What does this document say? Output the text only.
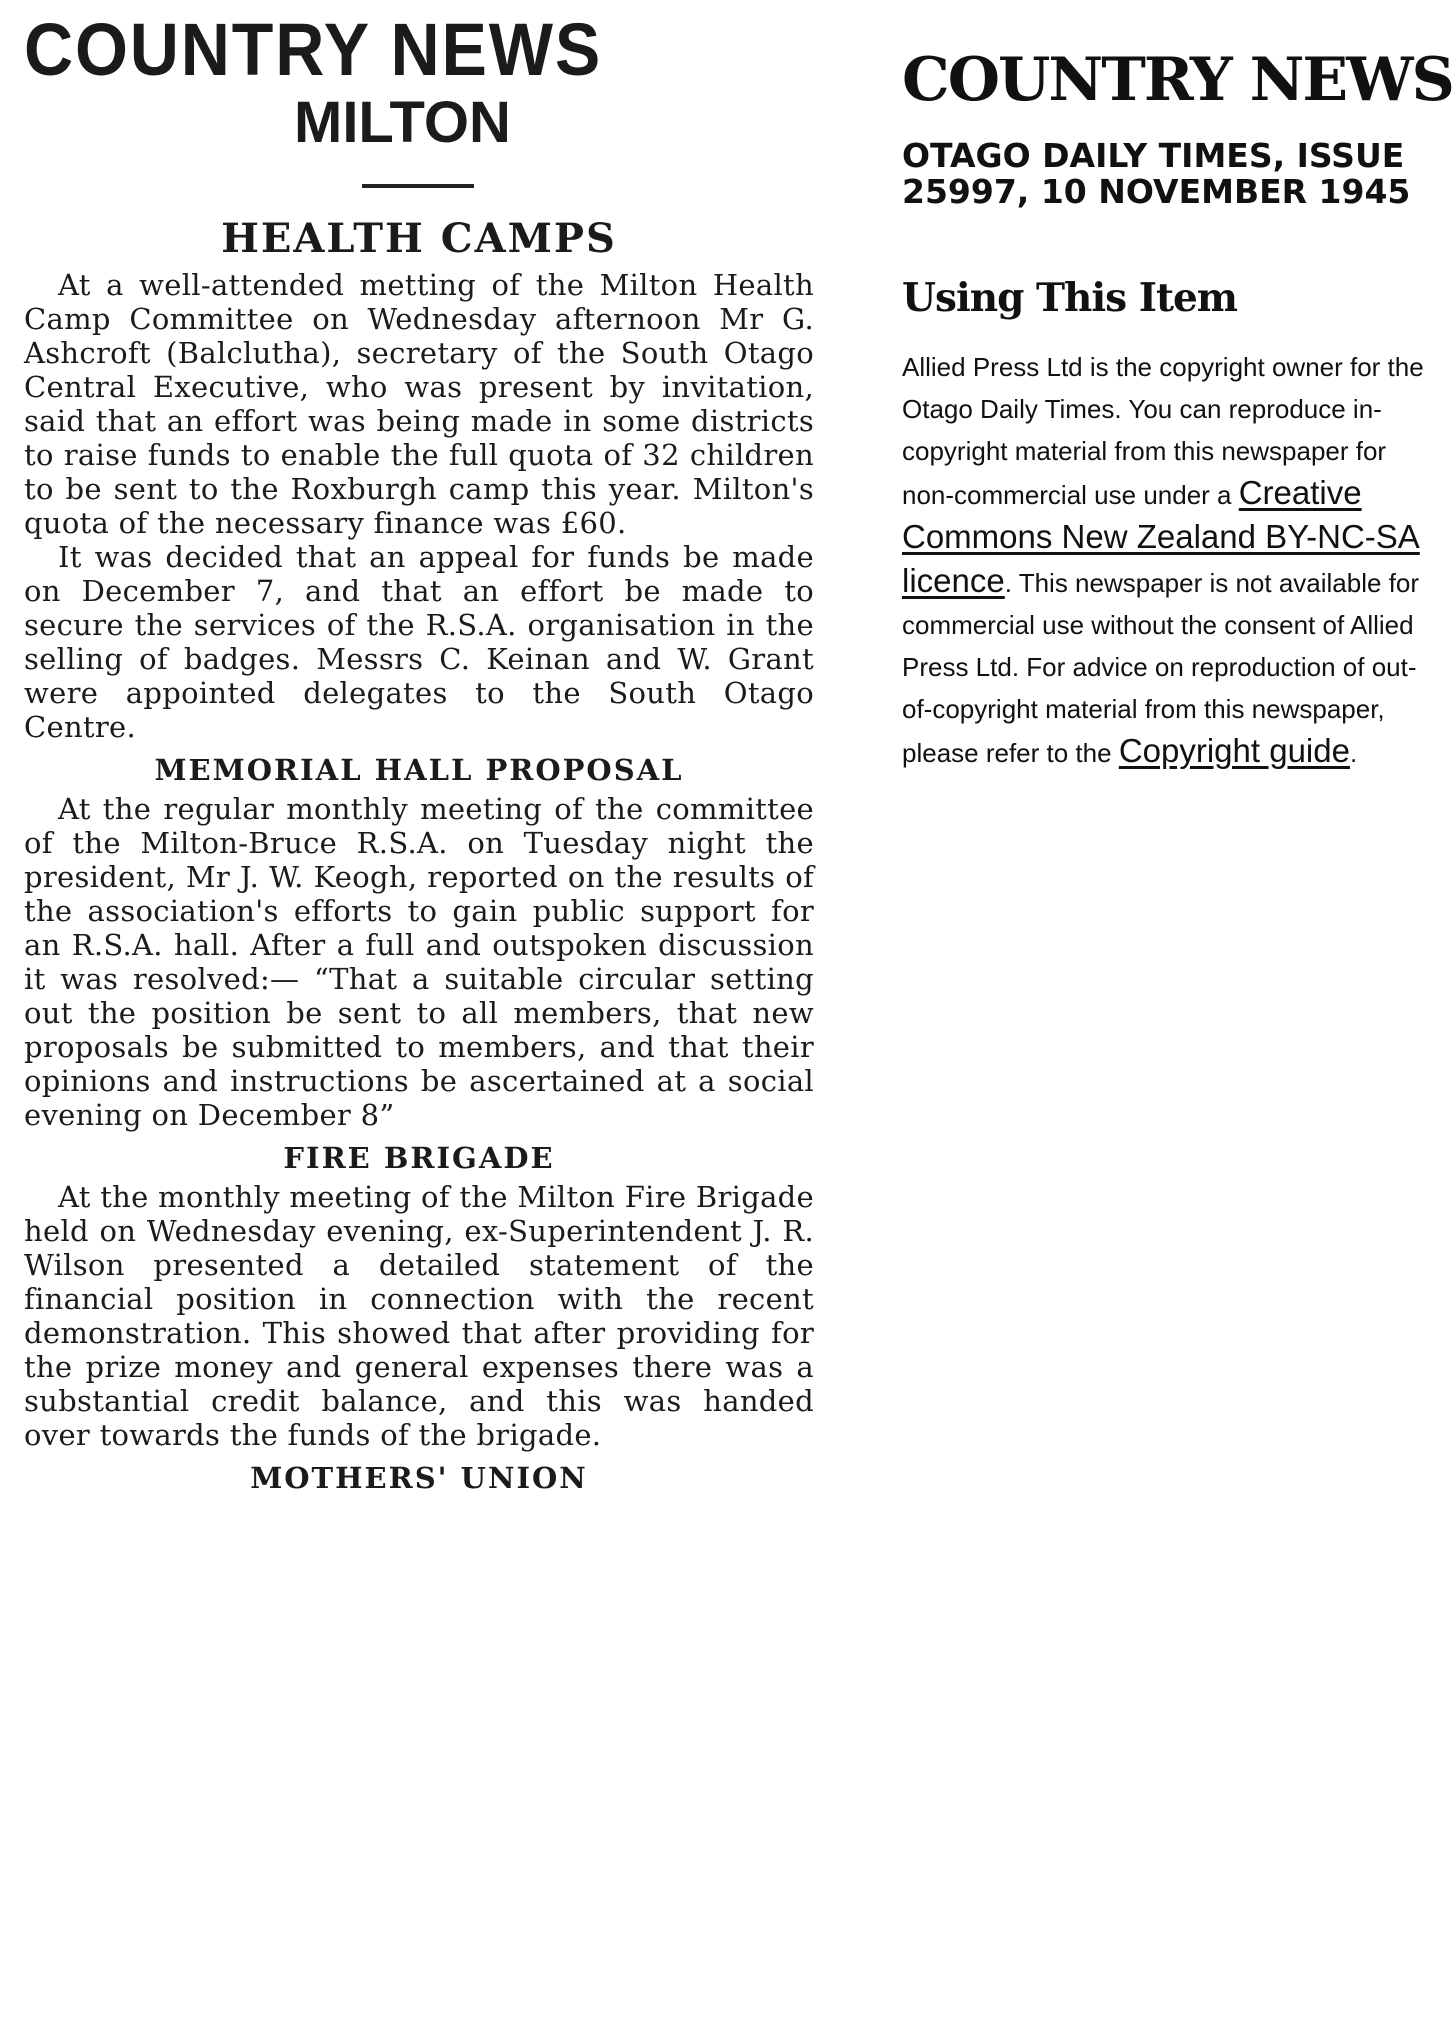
COUNTRY NEWS
MILTON
HEALTH CAMPS

At a well-attended metting of the Milton Health Camp Committee on Wednesday afternoon Mr G. Ashcroft (Balclutha), secretary of the South Otago Central Executive, who was present by invitation, said that an effort was being made in some districts to raise funds to enable the full quota of 32 children to be sent to the Roxburgh camp this year. Milton's quota of the necessary finance was £60.

It was decided that an appeal for funds be made on December 7, and that an effort be made to secure the services of the R.S.A. organisation in the selling of badges. Messrs C. Keinan and W. Grant were appointed delegates to the South Otago Centre.

MEMORIAL HALL PROPOSAL

At the regular monthly meeting of the committee of the Milton-Bruce R.S.A. on Tuesday night the president, Mr J. W. Keogh, reported on the results of the association's efforts to gain public support for an R.S.A. hall. After a full and outspoken discussion it was resolved:— “That a suitable circular setting out the position be sent to all members, that new proposals be submitted to members, and that their opinions and instructions be ascertained at a social evening on December 8”

FIRE BRIGADE

At the monthly meeting of the Milton Fire Brigade held on Wednesday evening, ex-Superintendent J. R. Wilson presented a detailed statement of the financial position in connection with the recent demonstration. This showed that after providing for the prize money and general expenses there was a substantial credit balance, and this was handed over towards the funds of the brigade.

MOTHERS' UNION
COUNTRY NEWS
OTAGO DAILY TIMES, ISSUE 25997, 10 NOVEMBER 1945
Using This Item

Allied Press Ltd is the copyright owner for the Otago Daily Times. You can reproduce in-copyright material from this newspaper for non-commercial use under a Creative Commons New Zealand BY-NC-SA licence. This newspaper is not available for commercial use without the consent of Allied Press Ltd. For advice on reproduction of out-of-copyright material from this newspaper, please refer to the Copyright guide.
